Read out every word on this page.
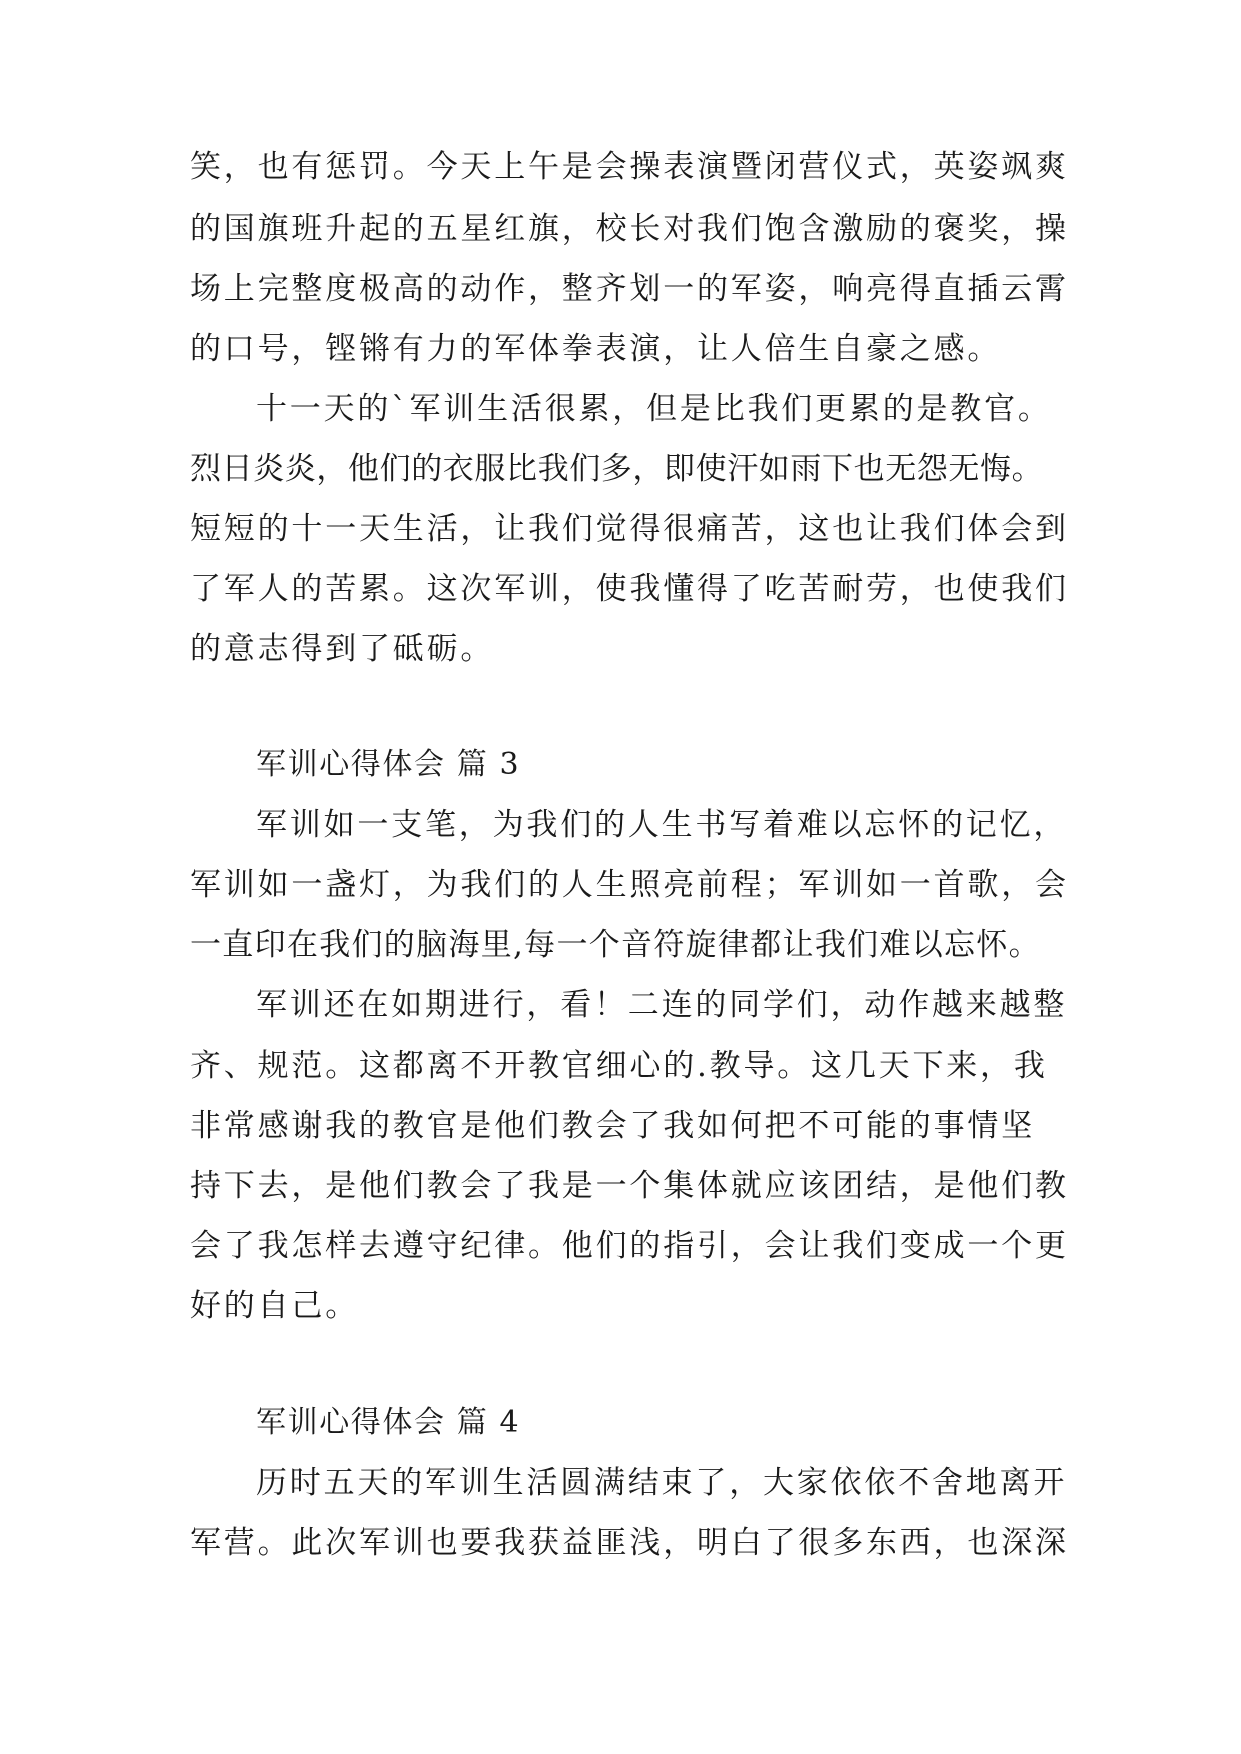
笑，也有惩罚。今天上午是会操表演暨闭营仪式，英姿飒爽
的国旗班升起的五星红旗，校长对我们饱含激励的褒奖，操
场上完整度极高的动作，整齐划一的军姿，响亮得直插云霄
的口号，铿锵有力的军体拳表演，让人倍生自豪之感。
十一天的`军训生活很累，但是比我们更累的是教官。
烈日炎炎，他们的衣服比我们多，即使汗如雨下也无怨无悔。
短短的十一天生活，让我们觉得很痛苦，这也让我们体会到
了军人的苦累。这次军训，使我懂得了吃苦耐劳，也使我们
的意志得到了砥砺。
军训心得体会 篇 3
军训如一支笔，为我们的人生书写着难以忘怀的记忆，
军训如一盏灯，为我们的人生照亮前程；军训如一首歌，会
一直印在我们的脑海里,每一个音符旋律都让我们难以忘怀。
军训还在如期进行，看！二连的同学们，动作越来越整
齐、规范。这都离不开教官细心的.教导。这几天下来，我
非常感谢我的教官是他们教会了我如何把不可能的事情坚
持下去，是他们教会了我是一个集体就应该团结，是他们教
会了我怎样去遵守纪律。他们的指引，会让我们变成一个更
好的自己。
军训心得体会 篇 4
历时五天的军训生活圆满结束了，大家依依不舍地离开
军营。此次军训也要我获益匪浅，明白了很多东西，也深深
